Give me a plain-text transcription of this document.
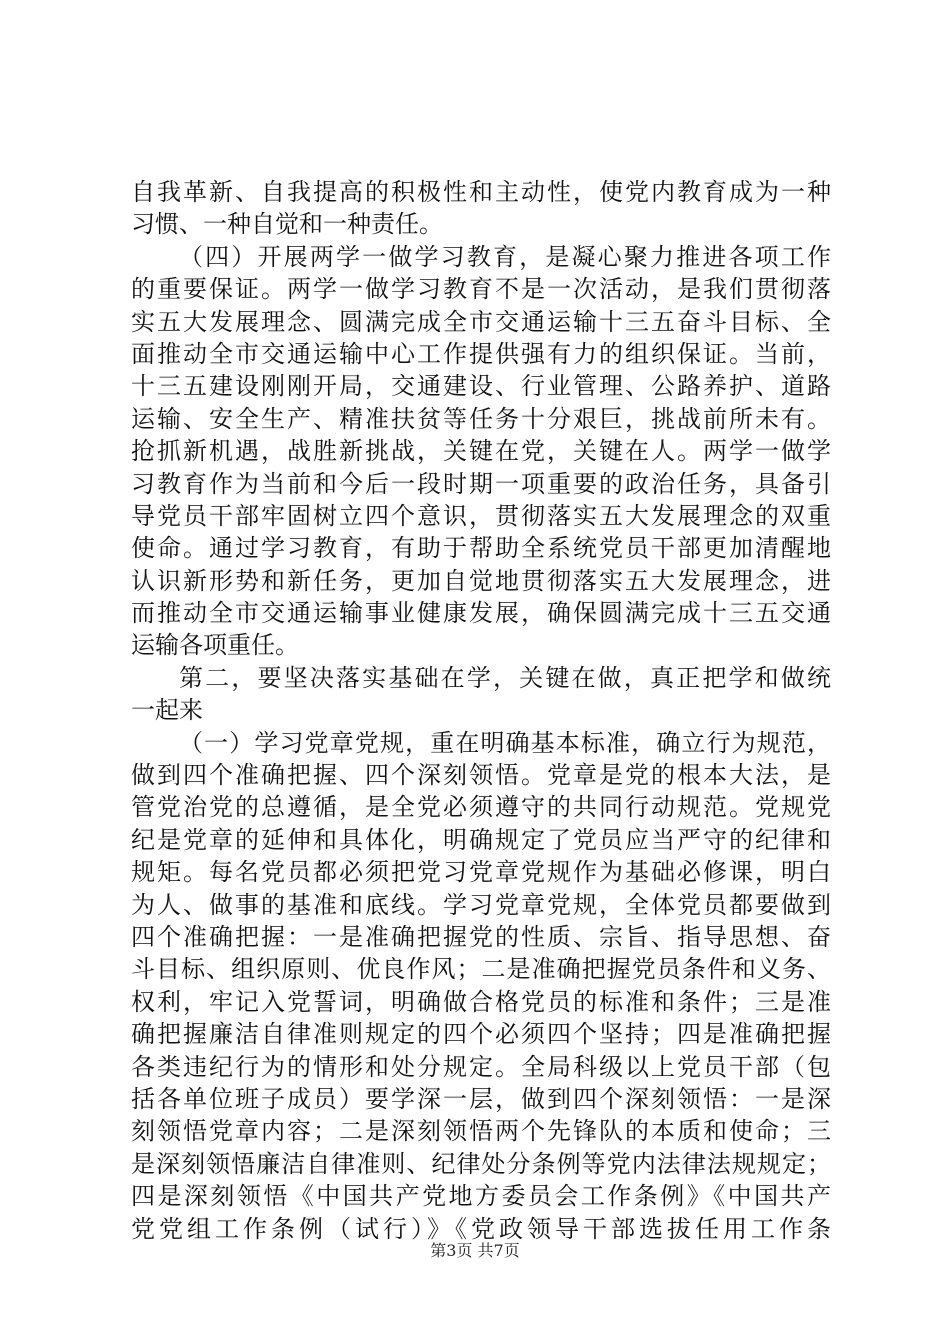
自我革新、自我提高的积极性和主动性，使党内教育成为一种
习惯、一种自觉和一种责任。
（四）开展两学一做学习教育，是凝心聚力推进各项工作
的重要保证。两学一做学习教育不是一次活动，是我们贯彻落
实五大发展理念、圆满完成全市交通运输十三五奋斗目标、全
面推动全市交通运输中心工作提供强有力的组织保证。当前，
十三五建设刚刚开局，交通建设、行业管理、公路养护、道路
运输、安全生产、精准扶贫等任务十分艰巨，挑战前所未有。
抢抓新机遇，战胜新挑战，关键在党，关键在人。两学一做学
习教育作为当前和今后一段时期一项重要的政治任务，具备引
导党员干部牢固树立四个意识，贯彻落实五大发展理念的双重
使命。通过学习教育，有助于帮助全系统党员干部更加清醒地
认识新形势和新任务，更加自觉地贯彻落实五大发展理念，进
而推动全市交通运输事业健康发展，确保圆满完成十三五交通
运输各项重任。
第二，要坚决落实基础在学，关键在做，真正把学和做统
一起来
（一）学习党章党规，重在明确基本标准，确立行为规范，
做到四个准确把握、四个深刻领悟。党章是党的根本大法，是
管党治党的总遵循，是全党必须遵守的共同行动规范。党规党
纪是党章的延伸和具体化，明确规定了党员应当严守的纪律和
规矩。每名党员都必须把党习党章党规作为基础必修课，明白
为人、做事的基准和底线。学习党章党规，全体党员都要做到
四个准确把握：一是准确把握党的性质、宗旨、指导思想、奋
斗目标、组织原则、优良作风；二是准确把握党员条件和义务、
权利，牢记入党誓词，明确做合格党员的标准和条件；三是准
确把握廉洁自律准则规定的四个必须四个坚持；四是准确把握
各类违纪行为的情形和处分规定。全局科级以上党员干部（包
括各单位班子成员）要学深一层，做到四个深刻领悟：一是深
刻领悟党章内容；二是深刻领悟两个先锋队的本质和使命；三
是深刻领悟廉洁自律准则、纪律处分条例等党内法律法规规定；
四是深刻领悟《中国共产党地方委员会工作条例》《中国共产
党党组工作条例（试行）》《党政领导干部选拔任用工作条
第3页 共7页
